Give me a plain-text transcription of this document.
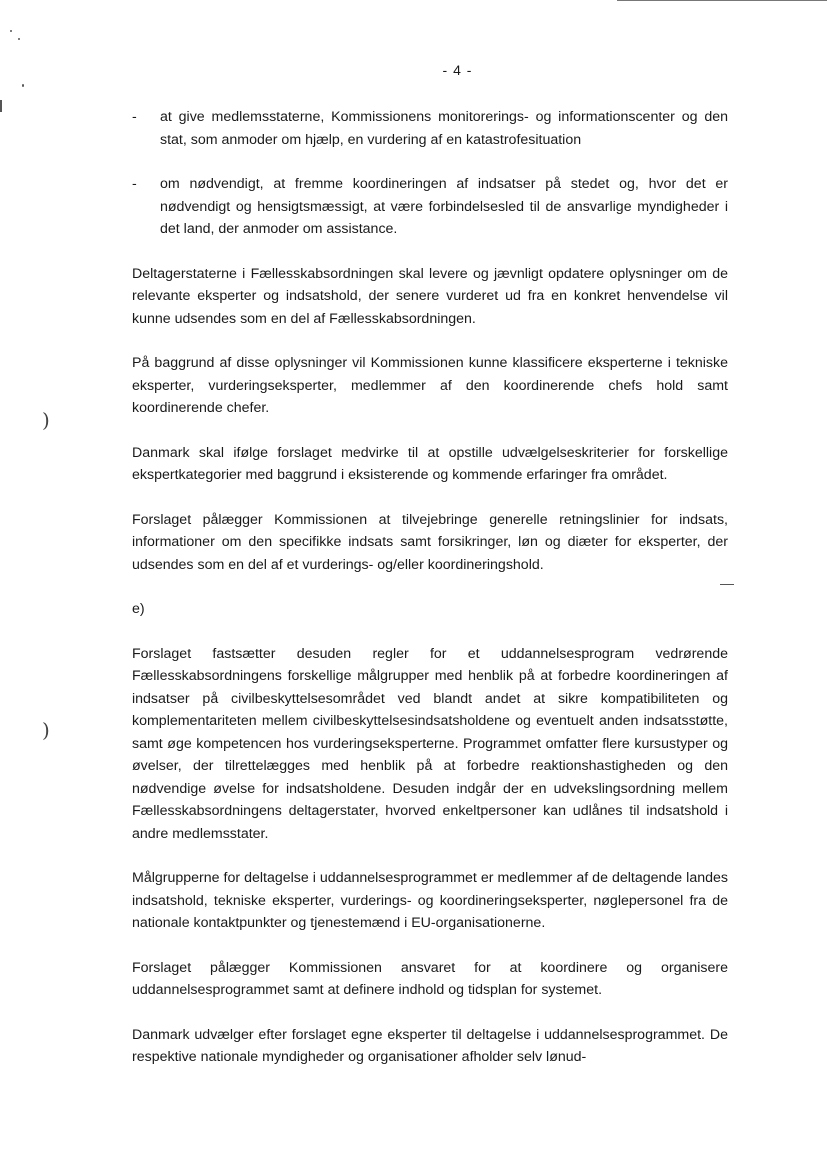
)
)
- 4 -
- at give medlemsstaterne, Kommissionens monitorerings- og informationscenter og den stat, som anmoder om hjælp, en vurdering af en katastrofesituation
- om nødvendigt, at fremme koordineringen af indsatser på stedet og, hvor det er nødvendigt og hensigtsmæssigt, at være forbindelsesled til de ansvarlige myndigheder i det land, der anmoder om assistance.

Deltagerstaterne i Fællesskabsordningen skal levere og jævnligt opdatere oplysninger om de relevante eksperter og indsatshold, der senere vurderet ud fra en konkret henvendelse vil kunne udsendes som en del af Fællesskabsordningen.

På baggrund af disse oplysninger vil Kommissionen kunne klassificere eksperterne i tekniske eksperter, vurderingseksperter, medlemmer af den koordinerende chefs hold samt koordinerende chefer.

Danmark skal ifølge forslaget medvirke til at opstille udvælgelseskriterier for forskellige ekspertkategorier med baggrund i eksisterende og kommende erfaringer fra området.

Forslaget pålægger Kommissionen at tilvejebringe generelle retningslinier for indsats, informationer om den specifikke indsats samt forsikringer, løn og diæter for eksperter, der udsendes som en del af et vurderings- og/eller koordineringshold.

e)

Forslaget fastsætter desuden regler for et uddannelsesprogram vedrørende Fællesskabsordningens forskellige målgrupper med henblik på at forbedre koordineringen af indsatser på civilbeskyttelsesområdet ved blandt andet at sikre kompatibiliteten og komplementariteten mellem civilbeskyttelsesindsatsholdene og eventuelt anden indsatsstøtte, samt øge kompetencen hos vurderingseksperterne. Programmet omfatter flere kursustyper og øvelser, der tilrettelægges med henblik på at forbedre reaktionshastigheden og den nødvendige øvelse for indsatsholdene. Desuden indgår der en udvekslingsordning mellem Fællesskabsordningens deltagerstater, hvorved enkeltpersoner kan udlånes til indsatshold i andre medlemsstater.

Målgrupperne for deltagelse i uddannelsesprogrammet er medlemmer af de deltagende landes indsatshold, tekniske eksperter, vurderings- og koordineringseksperter, nøglepersonel fra de nationale kontaktpunkter og tjenestemænd i EU-organisationerne.

Forslaget pålægger Kommissionen ansvaret for at koordinere og organisere uddannelsesprogrammet samt at definere indhold og tidsplan for systemet.

Danmark udvælger efter forslaget egne eksperter til deltagelse i uddannelsesprogrammet. De respektive nationale myndigheder og organisationer afholder selv lønud-
